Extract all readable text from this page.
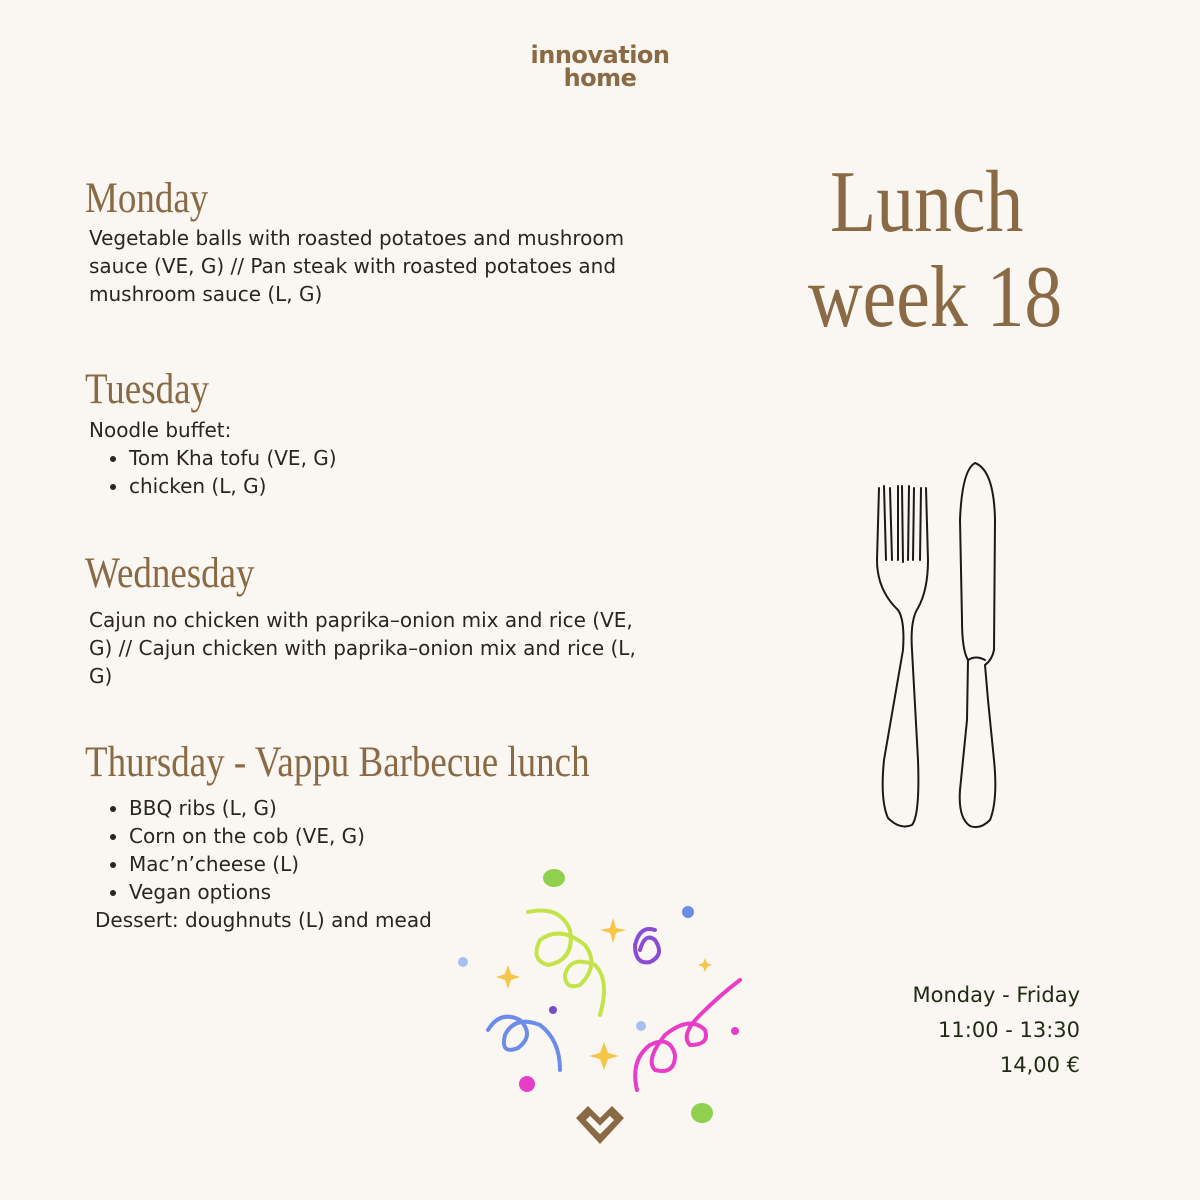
innovation
home
Lunch
week 18
Monday

Vegetable balls with roasted potatoes and mushroom sauce (VE, G) // Pan steak with roasted potatoes and mushroom sauce (L, G)

Tuesday

Noodle buffet:

• Tom Kha tofu (VE, G)
• chicken (L, G)
Wednesday

Cajun no chicken with paprika–onion mix and rice (VE, G) // Cajun chicken with paprika–onion mix and rice (L, G)

Thursday - Vappu Barbecue lunch
• BBQ ribs (L, G)
• Corn on the cob (VE, G)
• Mac’n’cheese (L)
• Vegan options

Dessert: doughnuts (L) and mead

Monday - Friday
11:00 - 13:30
14,00 €
